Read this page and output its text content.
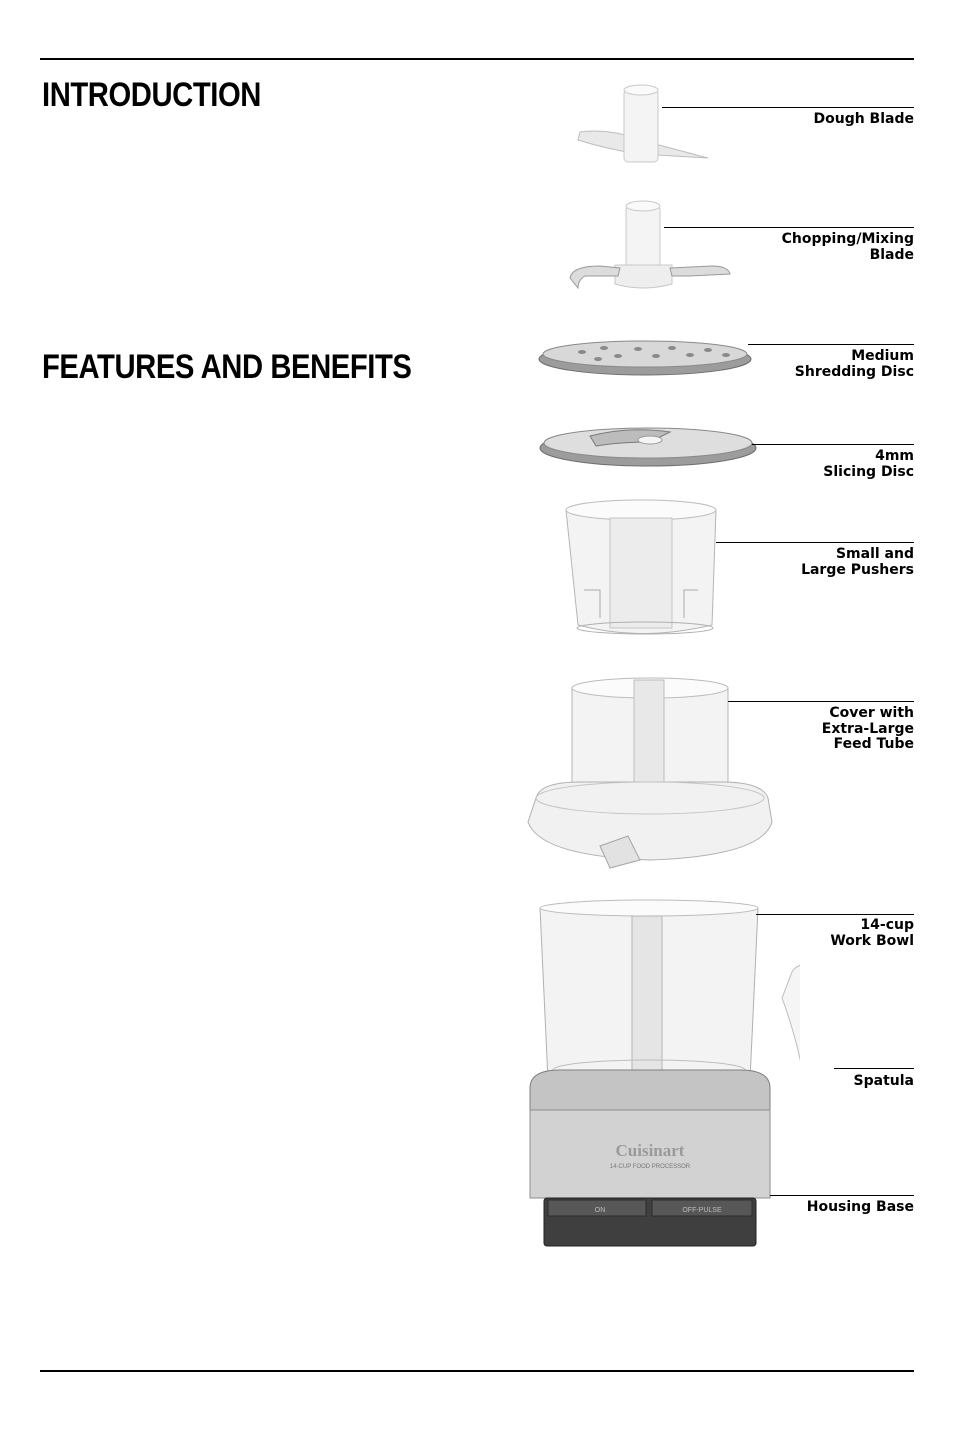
INTRODUCTION
FEATURES AND BENEFITS
Cuisinart
14-CUP FOOD PROCESSOR
ON	OFF-PULSE
Dough Blade
Chopping/Mixing
Blade
Medium
Shredding Disc
4mm
Slicing Disc
Small and
Large Pushers
Cover with
Extra-Large
Feed Tube
14-cup
Work Bowl
Spatula
Housing Base
